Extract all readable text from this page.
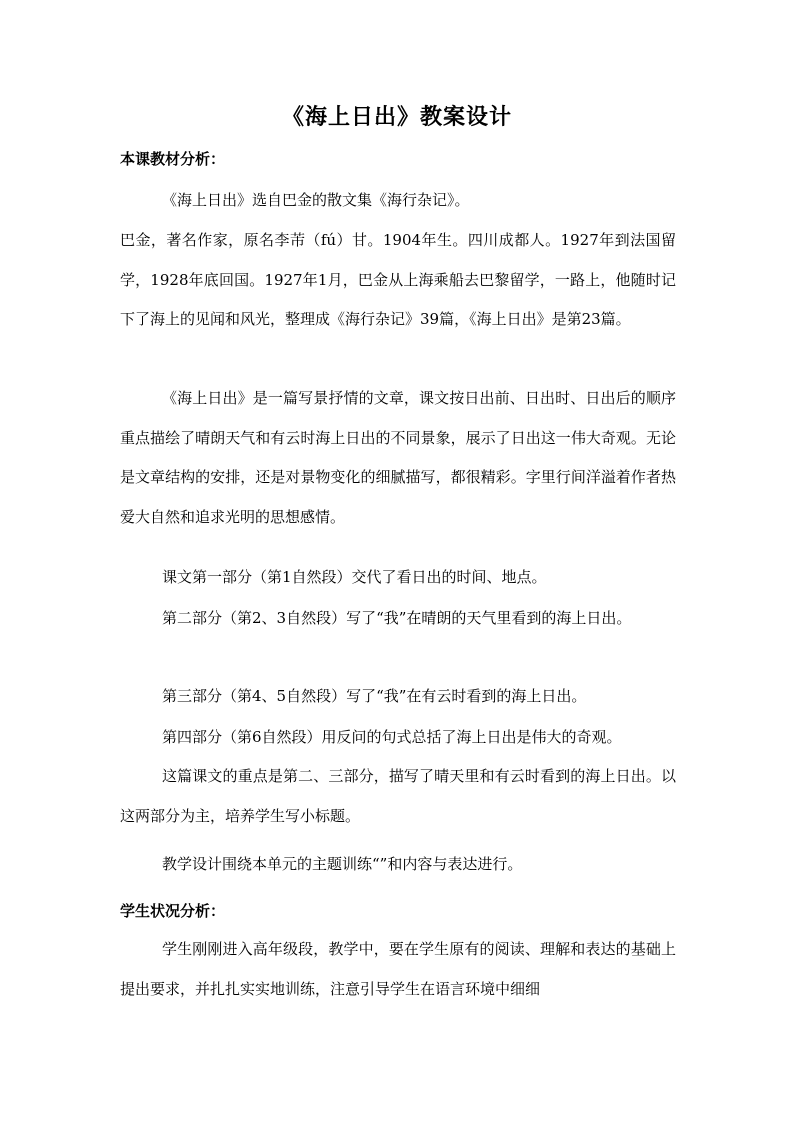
《海上日出》教案设计
本课教材分析：

《海上日出》选自巴金的散文集《海行杂记》。

巴金，著名作家，原名李芾（fú）甘。1904年生。四川成都人。1927年到法国留学，1928年底回国。1927年1月，巴金从上海乘船去巴黎留学，一路上，他随时记下了海上的见闻和风光，整理成《海行杂记》39篇，《海上日出》是第23篇。

《海上日出》是一篇写景抒情的文章，课文按日出前、日出时、日出后的顺序重点描绘了晴朗天气和有云时海上日出的不同景象，展示了日出这一伟大奇观。无论是文章结构的安排，还是对景物变化的细腻描写，都很精彩。字里行间洋溢着作者热爱大自然和追求光明的思想感情。

课文第一部分（第1自然段）交代了看日出的时间、地点。

第二部分（第2、3自然段）写了“我”在晴朗的天气里看到的海上日出。

第三部分（第4、5自然段）写了“我”在有云时看到的海上日出。

第四部分（第6自然段）用反问的句式总括了海上日出是伟大的奇观。

这篇课文的重点是第二、三部分，描写了晴天里和有云时看到的海上日出。以这两部分为主，培养学生写小标题。

教学设计围绕本单元的主题训练“”和内容与表达进行。

学生状况分析：

学生刚刚进入高年级段，教学中，要在学生原有的阅读、理解和表达的基础上提出要求，并扎扎实实地训练，注意引导学生在语言环境中细细
